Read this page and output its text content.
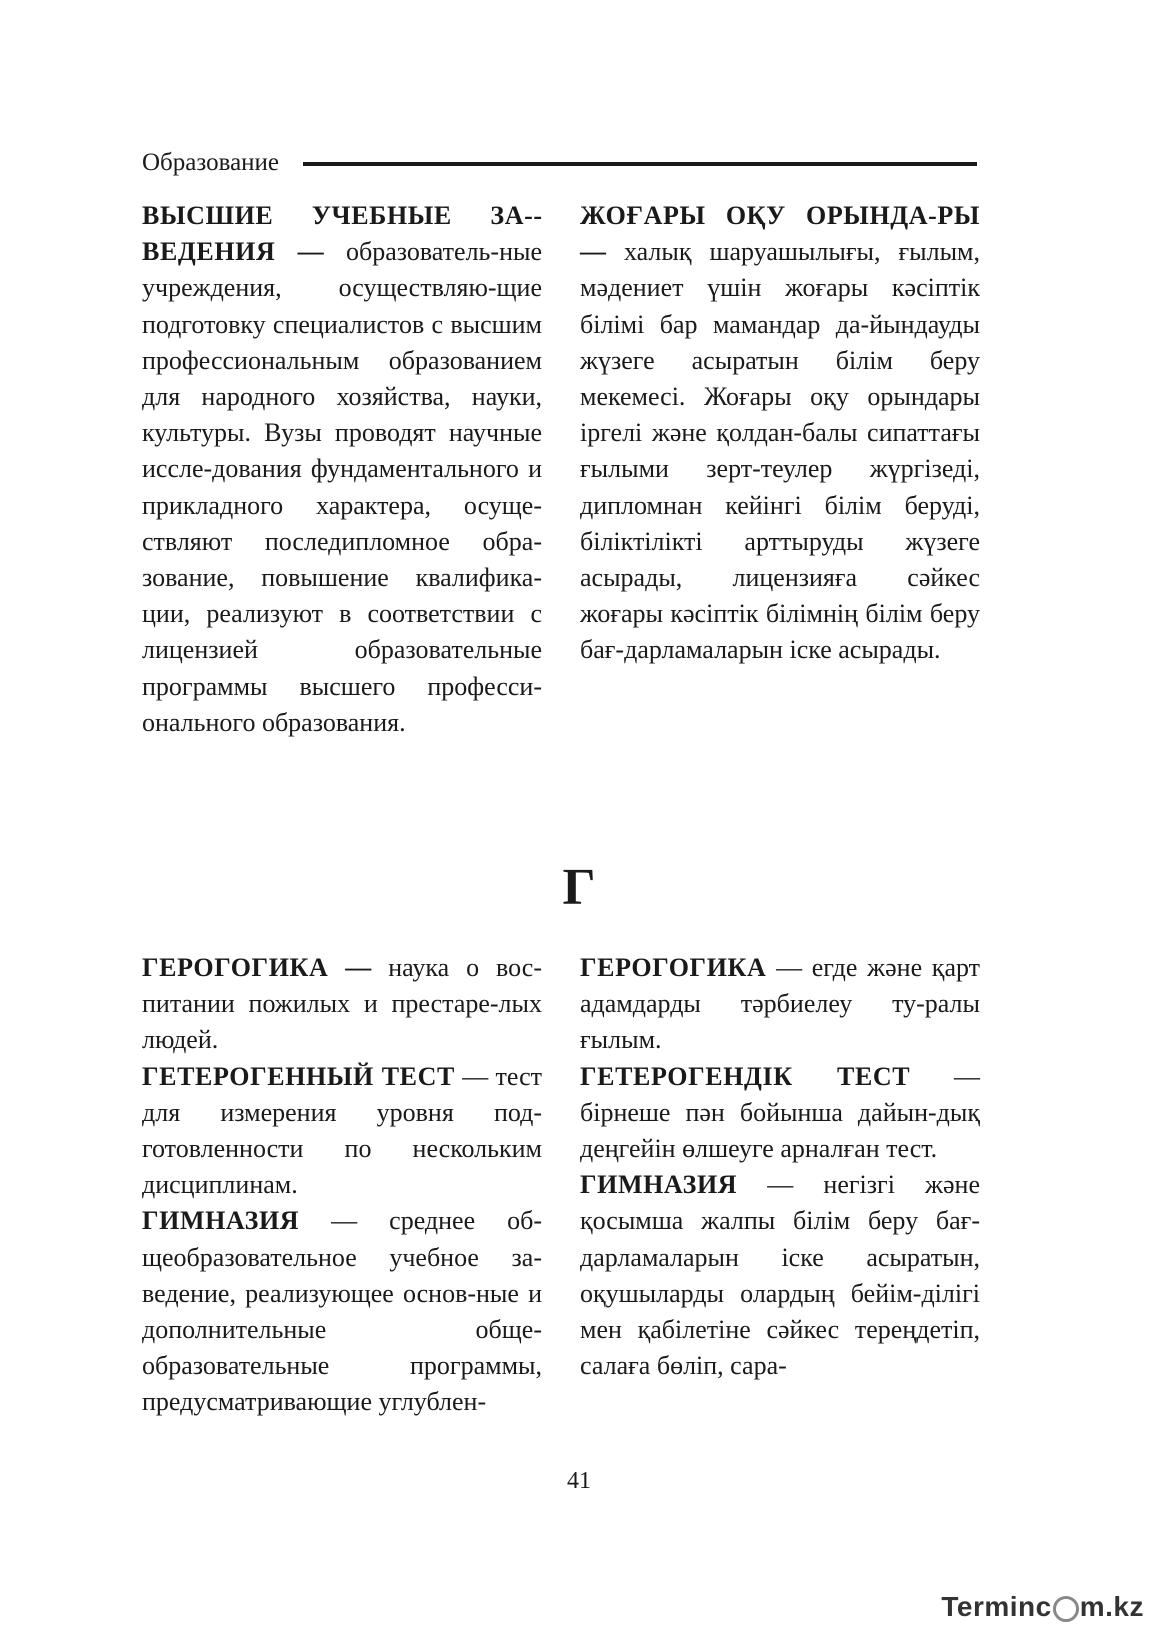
Образование

ВЫСШИЕ УЧЕБНЫЕ ЗА-ВЕДЕНИЯ — образователь-ные учреждения, осуществляю-щие подготовку специалистов с высшим профессиональным образованием для народного хозяйства, науки, культуры. Вузы проводят научные иссле-дования фундаментального и прикладного характера, осуще-ствляют последипломное обра-зование, повышение квалифика-ции, реализуют в соответствии с лицензией образовательные программы высшего професси-онального образования.

ЖОҒАРЫ ОҚУ ОРЫНДА-РЫ — халық шаруашылығы, ғылым, мәдениет үшін жоғары кәсіптік білімі бар мамандар да-йындауды жүзеге асыратын білім беру мекемесі. Жоғары оқу орындары іргелі және қолдан-балы сипаттағы ғылыми зерт-теулер жүргізеді, дипломнан кейінгі білім беруді, біліктілікті арттыруды жүзеге асырады, лицензияға сәйкес жоғары кәсіптік білімнің білім беру бағ-дарламаларын іске асырады.

Г

ГЕРОГОГИКА — наука о вос-питании пожилых и престаре-лых людей.

ГЕТЕРОГЕННЫЙ ТЕСТ — тест для измерения уровня под-готовленности по нескольким дисциплинам.

ГИМНАЗИЯ — среднее об-щеобразовательное учебное за-ведение, реализующее основ-ные и дополнительные обще-образовательные программы, предусматривающие углублен-

ГЕРОГОГИКА — егде және қарт адамдарды тәрбиелеу ту-ралы ғылым.

ГЕТЕРОГЕНДІК ТЕСТ — бірнеше пән бойынша дайын-дық деңгейін өлшеуге арналған тест.

ГИМНАЗИЯ — негізгі және қосымша жалпы білім беру бағ-дарламаларын іске асыратын, оқушыларды олардың бейім-ділігі мен қабілетіне сәйкес тереңдетіп, салаға бөліп, сара-

41
Terminc m.kz
